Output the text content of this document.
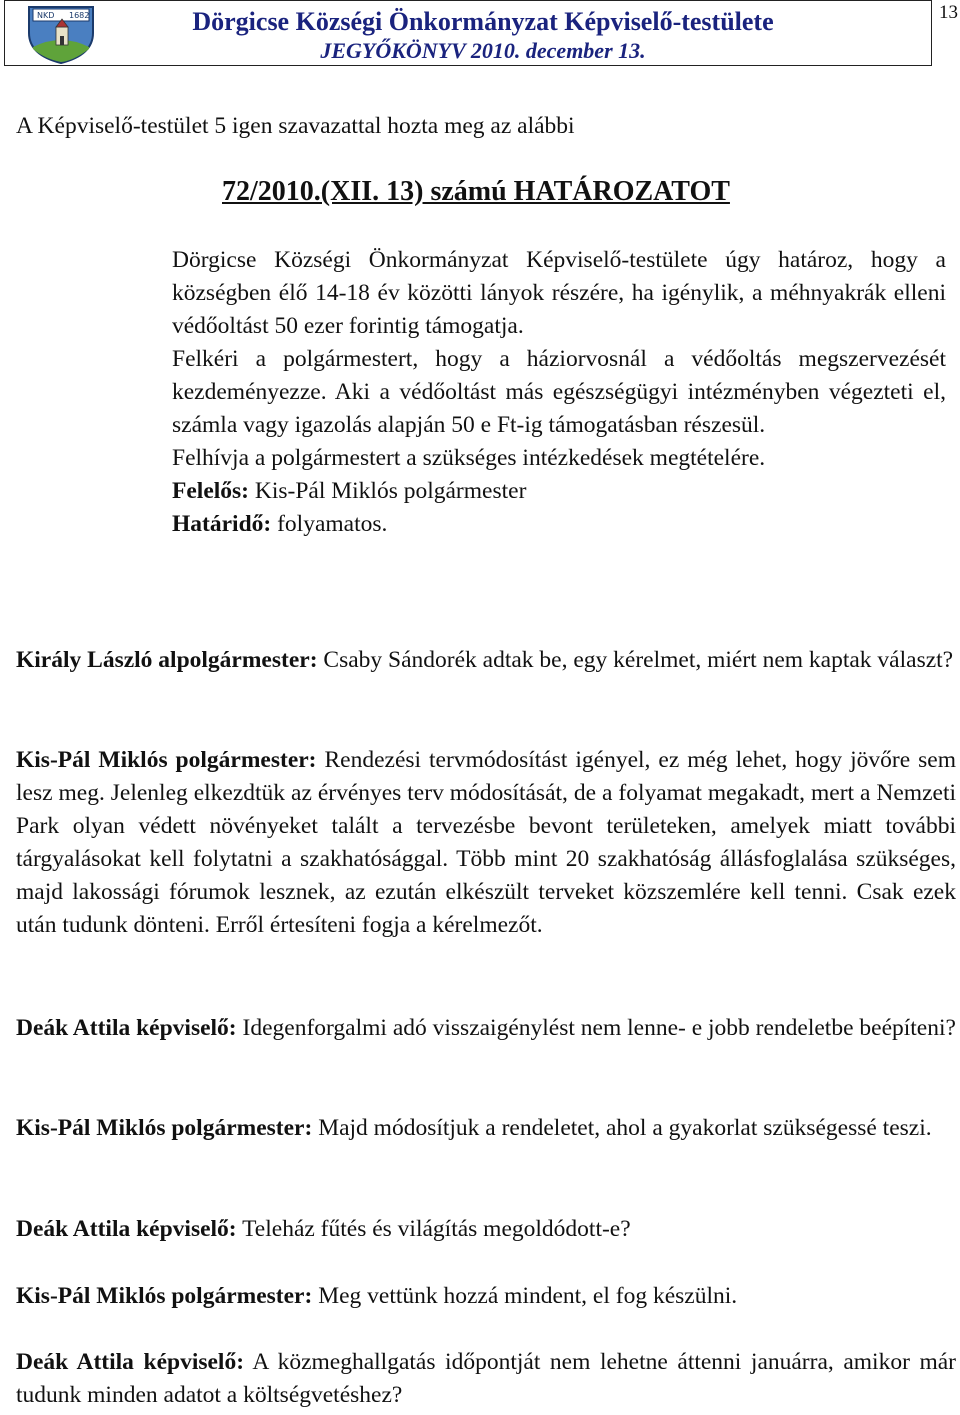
NKD 1682	Dörgicse Községi Önkormányzat Képviselő-testülete
JEGYŐKÖNYV 2010. december 13.
13

A Képviselő-testület 5 igen szavazattal hozta meg az alábbi

72/2010.(XII. 13) számú HATÁROZATOT
Dörgicse Községi Önkormányzat Képviselő-testülete úgy határoz, hogy a községben élő 14-18 év közötti lányok részére, ha igénylik, a méhnyakrák elleni védőoltást 50 ezer forintig támogatja.
Felkéri a polgármestert, hogy a háziorvosnál a védőoltás megszervezését kezdeményezze. Aki a védőoltást más egészségügyi intézményben végezteti el, számla vagy igazolás alapján 50 e Ft-ig támogatásban részesül.
Felhívja a polgármestert a szükséges intézkedések megtételére.
Felelős: Kis-Pál Miklós polgármester
Határidő: folyamatos.

Király László alpolgármester: Csaby Sándorék adtak be, egy kérelmet, miért nem kaptak választ?

Kis-Pál Miklós polgármester: Rendezési tervmódosítást igényel, ez még lehet, hogy jövőre sem lesz meg. Jelenleg elkezdtük az érvényes terv módosítását, de a folyamat megakadt, mert a Nemzeti Park olyan védett növényeket talált a tervezésbe bevont területeken, amelyek miatt további tárgyalásokat kell folytatni a szakhatósággal. Több mint 20 szakhatóság állásfoglalása szükséges, majd lakossági fórumok lesznek, az ezután elkészült terveket közszemlére kell tenni. Csak ezek után tudunk dönteni. Erről értesíteni fogja a kérelmezőt.

Deák Attila képviselő: Idegenforgalmi adó visszaigénylést nem lenne- e jobb rendeletbe beépíteni?

Kis-Pál Miklós polgármester: Majd módosítjuk a rendeletet, ahol a gyakorlat szükségessé teszi.

Deák Attila képviselő: Teleház fűtés és világítás megoldódott-e?

Kis-Pál Miklós polgármester: Meg vettünk hozzá mindent, el fog készülni.

Deák Attila képviselő: A közmeghallgatás időpontját nem lehetne áttenni januárra, amikor már tudunk minden adatot a költségvetéshez?
